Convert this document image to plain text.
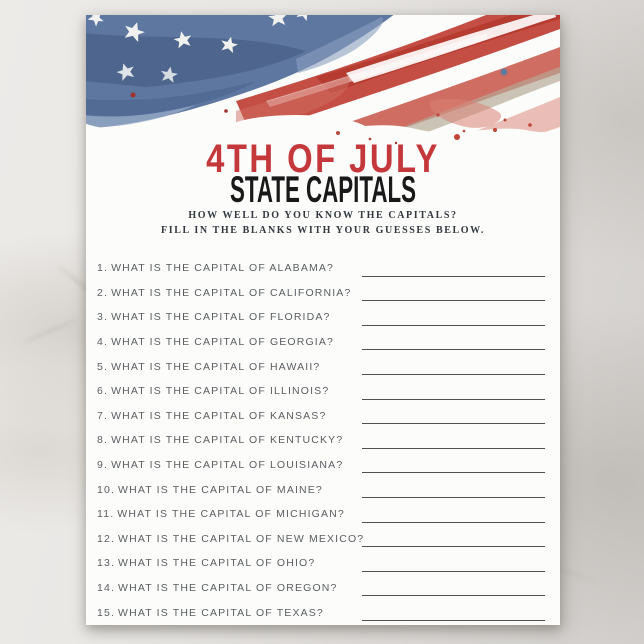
4TH OF JULY
STATE CAPITALS

HOW WELL DO YOU KNOW THE CAPITALS?
FILL IN THE BLANKS WITH YOUR GUESSES BELOW.

1. WHAT IS THE CAPITAL OF ALABAMA?
2. WHAT IS THE CAPITAL OF CALIFORNIA?
3. WHAT IS THE CAPITAL OF FLORIDA?
4. WHAT IS THE CAPITAL OF GEORGIA?
5. WHAT IS THE CAPITAL OF HAWAII?
6. WHAT IS THE CAPITAL OF ILLINOIS?
7. WHAT IS THE CAPITAL OF KANSAS?
8. WHAT IS THE CAPITAL OF KENTUCKY?
9. WHAT IS THE CAPITAL OF LOUISIANA?
10. WHAT IS THE CAPITAL OF MAINE?
11. WHAT IS THE CAPITAL OF MICHIGAN?
12. WHAT IS THE CAPITAL OF NEW MEXICO?
13. WHAT IS THE CAPITAL OF OHIO?
14. WHAT IS THE CAPITAL OF OREGON?
15. WHAT IS THE CAPITAL OF TEXAS?
